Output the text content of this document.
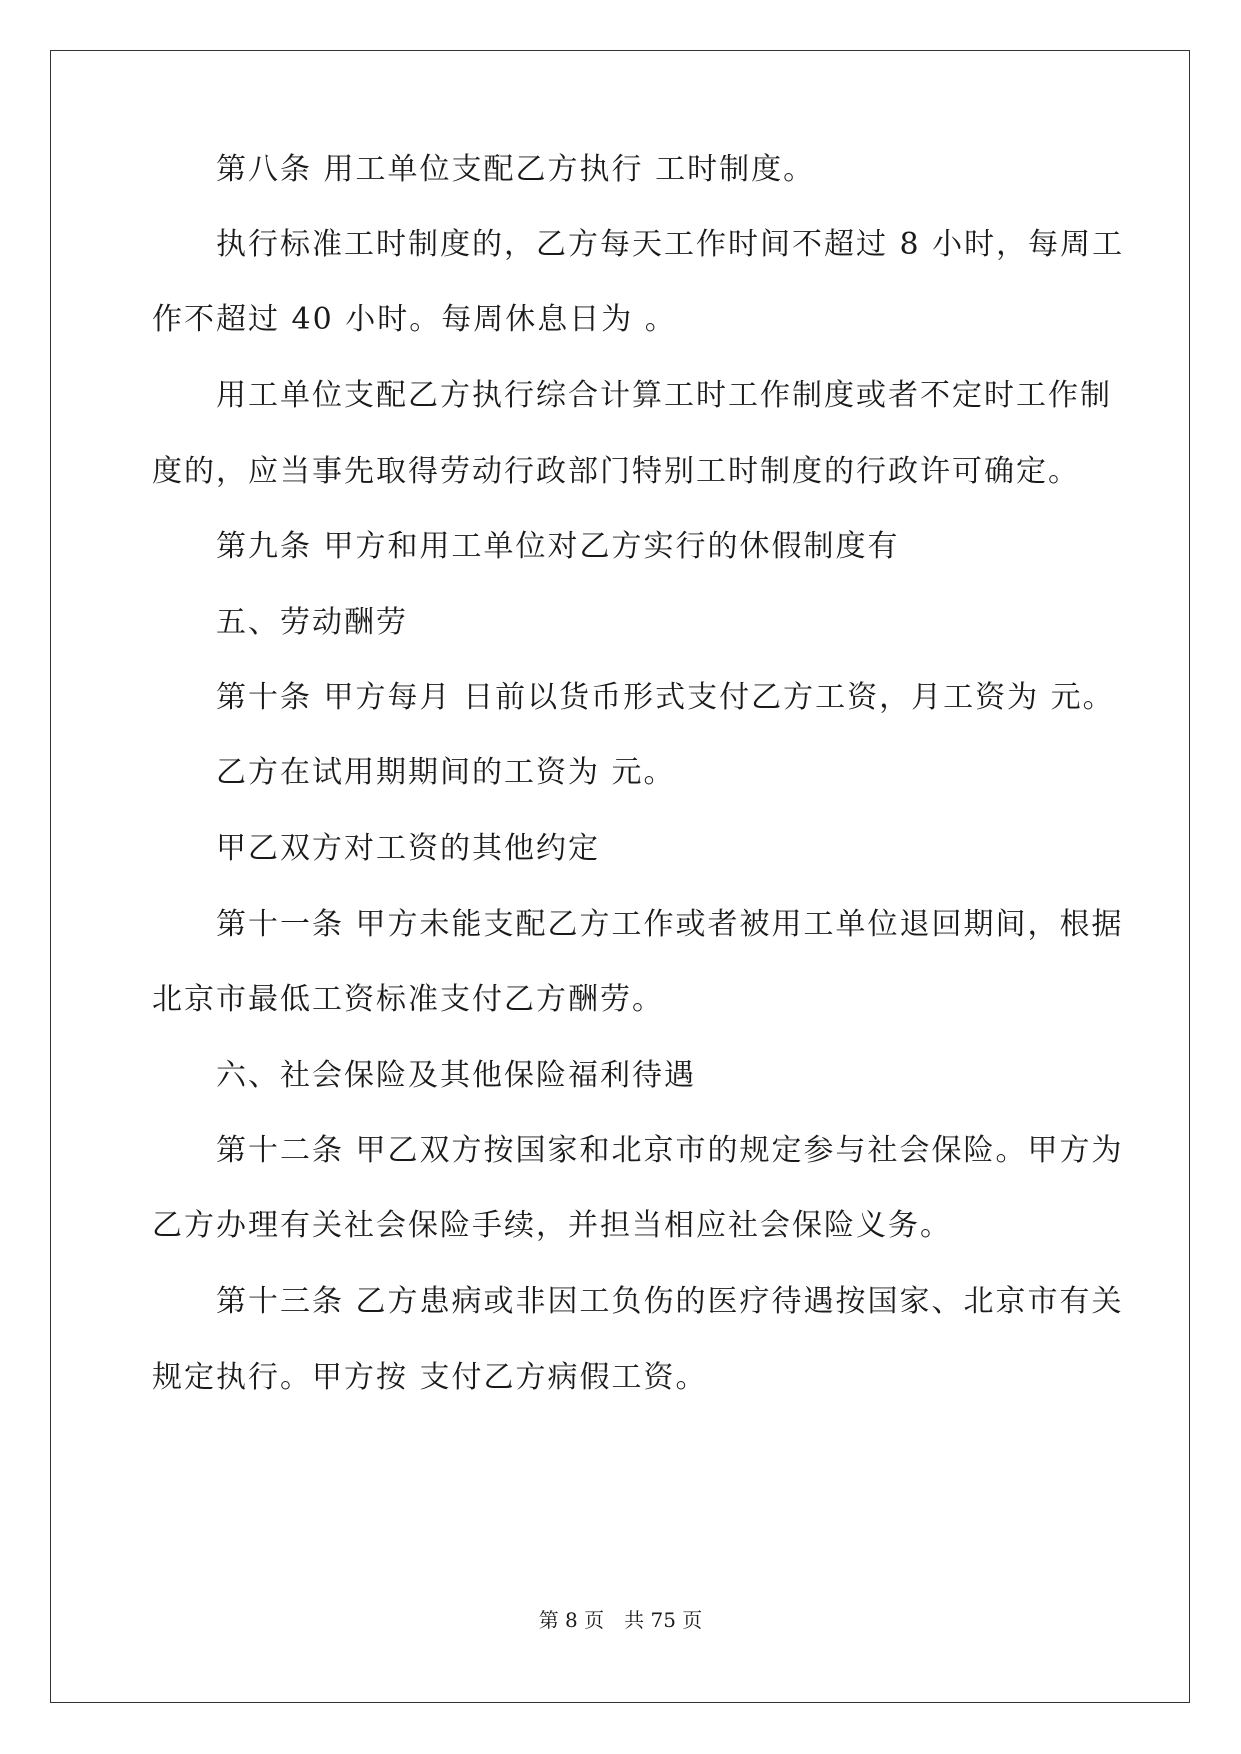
　　第八条 用工单位支配乙方执行 工时制度。

　　执行标准工时制度的，乙方每天工作时间不超过 8 小时，每周工

作不超过 40 小时。每周休息日为 。

　　用工单位支配乙方执行综合计算工时工作制度或者不定时工作制

度的，应当事先取得劳动行政部门特别工时制度的行政许可确定。

　　第九条 甲方和用工单位对乙方实行的休假制度有

　　五、劳动酬劳

　　第十条 甲方每月 日前以货币形式支付乙方工资，月工资为 元。

　　乙方在试用期期间的工资为 元。

　　甲乙双方对工资的其他约定

　　第十一条 甲方未能支配乙方工作或者被用工单位退回期间，根据

北京市最低工资标准支付乙方酬劳。

　　六、社会保险及其他保险福利待遇

　　第十二条 甲乙双方按国家和北京市的规定参与社会保险。甲方为

乙方办理有关社会保险手续，并担当相应社会保险义务。

　　第十三条 乙方患病或非因工负伤的医疗待遇按国家、北京市有关

规定执行。甲方按 支付乙方病假工资。

第 8 页　共 75 页
